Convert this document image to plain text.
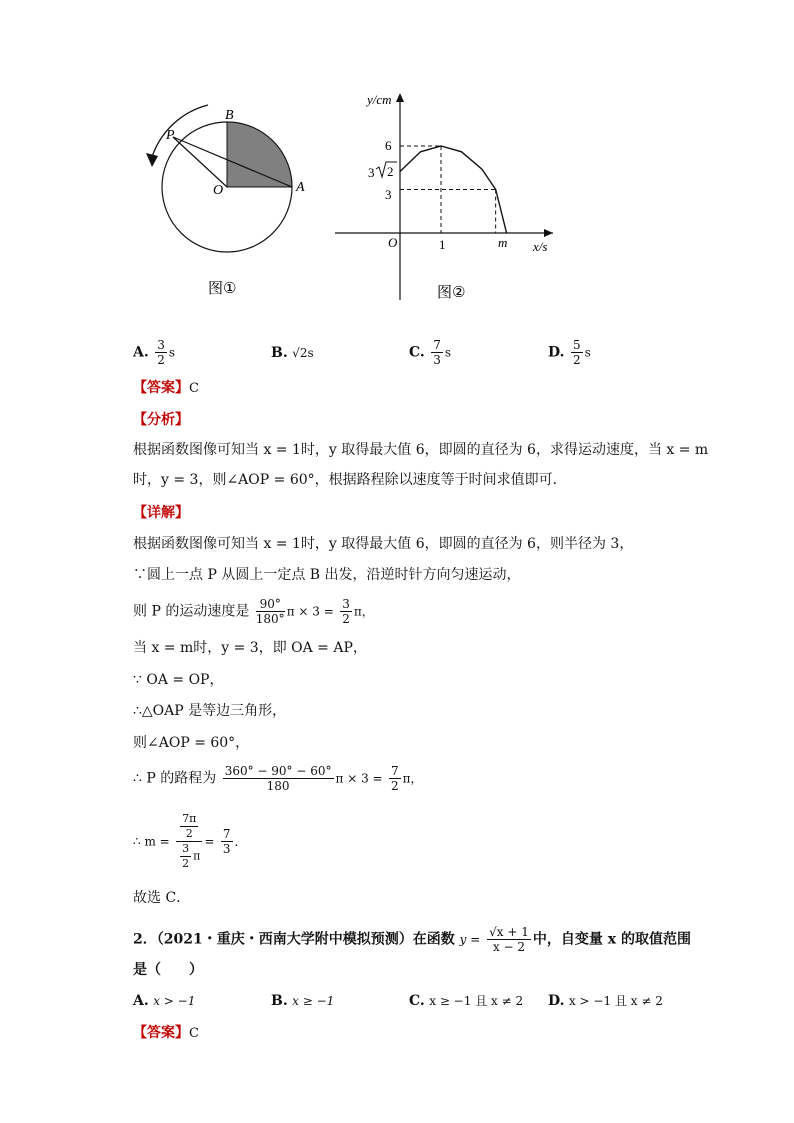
B
P
O	A
图①
y/cm
x/s
6
3 2
3
O	1	m
图②
A. $\frac{3}{2}$ s	B. √2s	C. $\frac{7}{3}$ s	D. $\frac{5}{2}$ s
【答案】C
【分析】
根据函数图像可知当 x = 1时，y 取得最大值 6，即圆的直径为 6，求得运动速度，当 x = m
时，y = 3，则∠AOP = 60°，根据路程除以速度等于时间求值即可．
【详解】
根据函数图像可知当 x = 1时，y 取得最大值 6，即圆的直径为 6，则半径为 3，
∵圆上一点 P 从圆上一定点 B 出发，沿逆时针方向匀速运动，
则 P 的运动速度是 $\frac{90^\circ}{180^\circ}$ $\pi \times 3 = \frac{3}{2}$ π，
当 x = m时，y = 3，即 OA = AP，
∵ OA = OP，
∴△OAP 是等边三角形，
则∠AOP = 60°，
∴ P 的路程为 $\frac{360^\circ - 90^\circ - 60^\circ}{180}$ $\pi \times 3 = \frac{7}{2}$ π，
∴ $m = \frac{\frac{7\pi}{2}}{\frac{3}{2} \pi} = \frac{7}{3}$ ．
故选 C．
2．（2021・重庆・西南大学附中模拟预测）在函数 $y = \frac{√x + 1}{x - 2}$ 中，自变量 x 的取值范围
是（　　）
A. x > −1	B. x ≥ −1	C. x ≥ −1 且 x ≠ 2 D. x > −1 且 x ≠ 2
【答案】C
